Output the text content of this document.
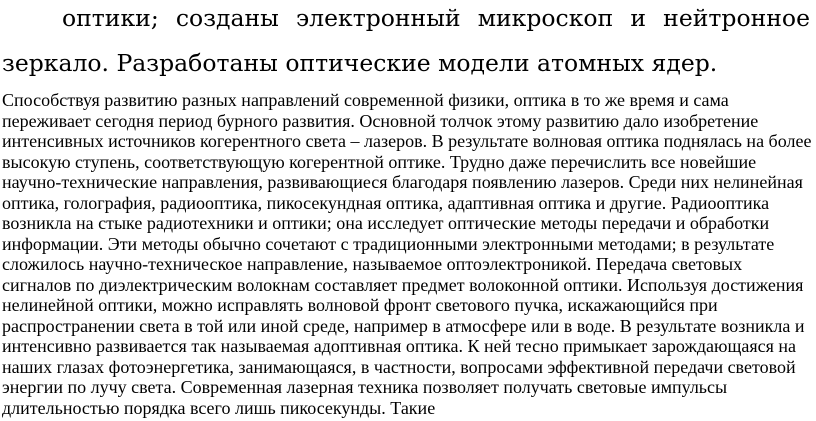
оптики; созданы электронный микроскоп и нейтронное
зеркало. Разработаны оптические модели атомных ядер.
Способствуя развитию разных направлений современной физики, оптика в то же время и сама
переживает сегодня период бурного развития. Основной толчок этому развитию дало изобретение
интенсивных источников когерентного света – лазеров. В результате волновая оптика поднялась на более
высокую ступень, соответствующую когерентной оптике. Трудно даже перечислить все новейшие
научно-технические направления, развивающиеся благодаря появлению лазеров. Среди них нелинейная
оптика, голография, радиооптика, пикосекундная оптика, адаптивная оптика и другие. Радиооптика
возникла на стыке радиотехники и оптики; она исследует оптические методы передачи и обработки
информации. Эти методы обычно сочетают с традиционными электронными методами; в результате
сложилось научно-техническое направление, называемое оптоэлектроникой. Передача световых
сигналов по диэлектрическим волокнам составляет предмет волоконной оптики. Используя достижения
нелинейной оптики, можно исправлять волновой фронт светового пучка, искажающийся при
распространении света в той или иной среде, например в атмосфере или в воде. В результате возникла и
интенсивно развивается так называемая адоптивная оптика. К ней тесно примыкает зарождающаяся на
наших глазах фотоэнергетика, занимающаяся, в частности, вопросами эффективной передачи световой
энергии по лучу света. Современная лазерная техника позволяет получать световые импульсы
длительностью порядка всего лишь пикосекунды. Такие
